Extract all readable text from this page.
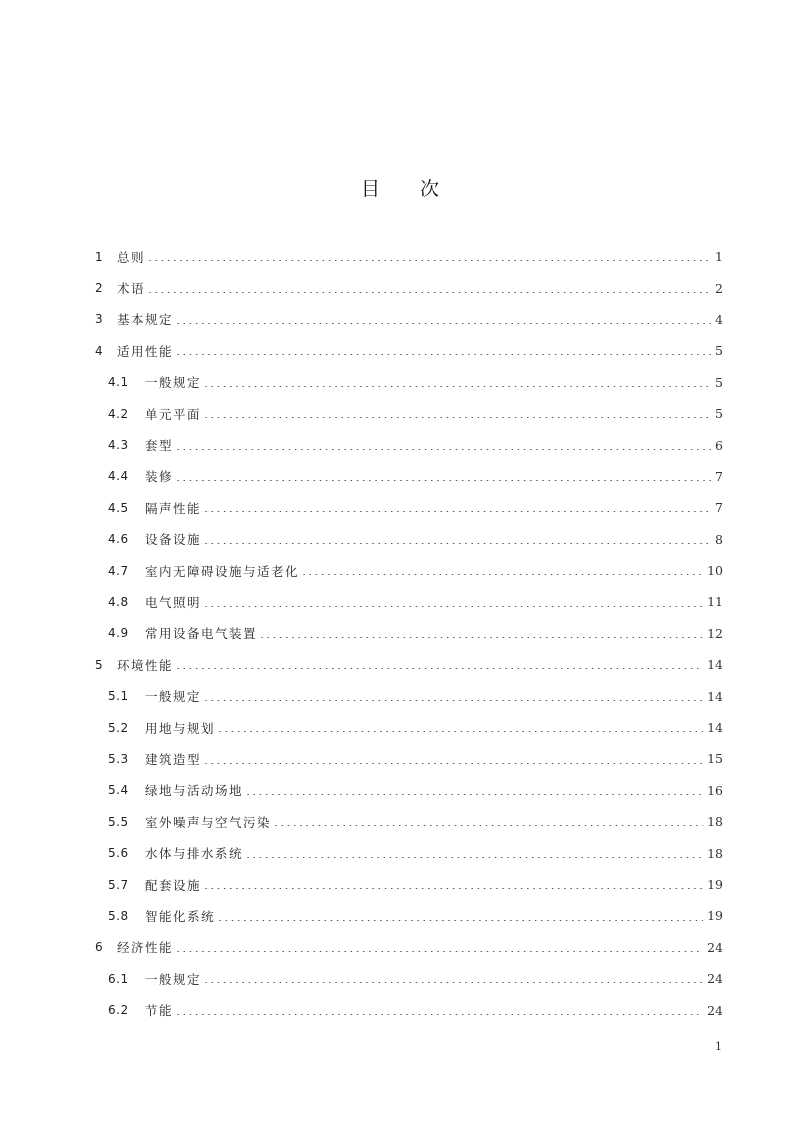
目 次
1	总则	1
2	术语	2
3	基本规定	4
4	适用性能	5
4.1	一般规定	5
4.2	单元平面	5
4.3	套型	6
4.4	装修	7
4.5	隔声性能	7
4.6	设备设施	8
4.7	室内无障碍设施与适老化	10
4.8	电气照明	11
4.9	常用设备电气装置	12
5	环境性能	14
5.1	一般规定	14
5.2	用地与规划	14
5.3	建筑造型	15
5.4	绿地与活动场地	16
5.5	室外噪声与空气污染	18
5.6	水体与排水系统	18
5.7	配套设施	19
5.8	智能化系统	19
6	经济性能	24
6.1	一般规定	24
6.2	节能	24
1
